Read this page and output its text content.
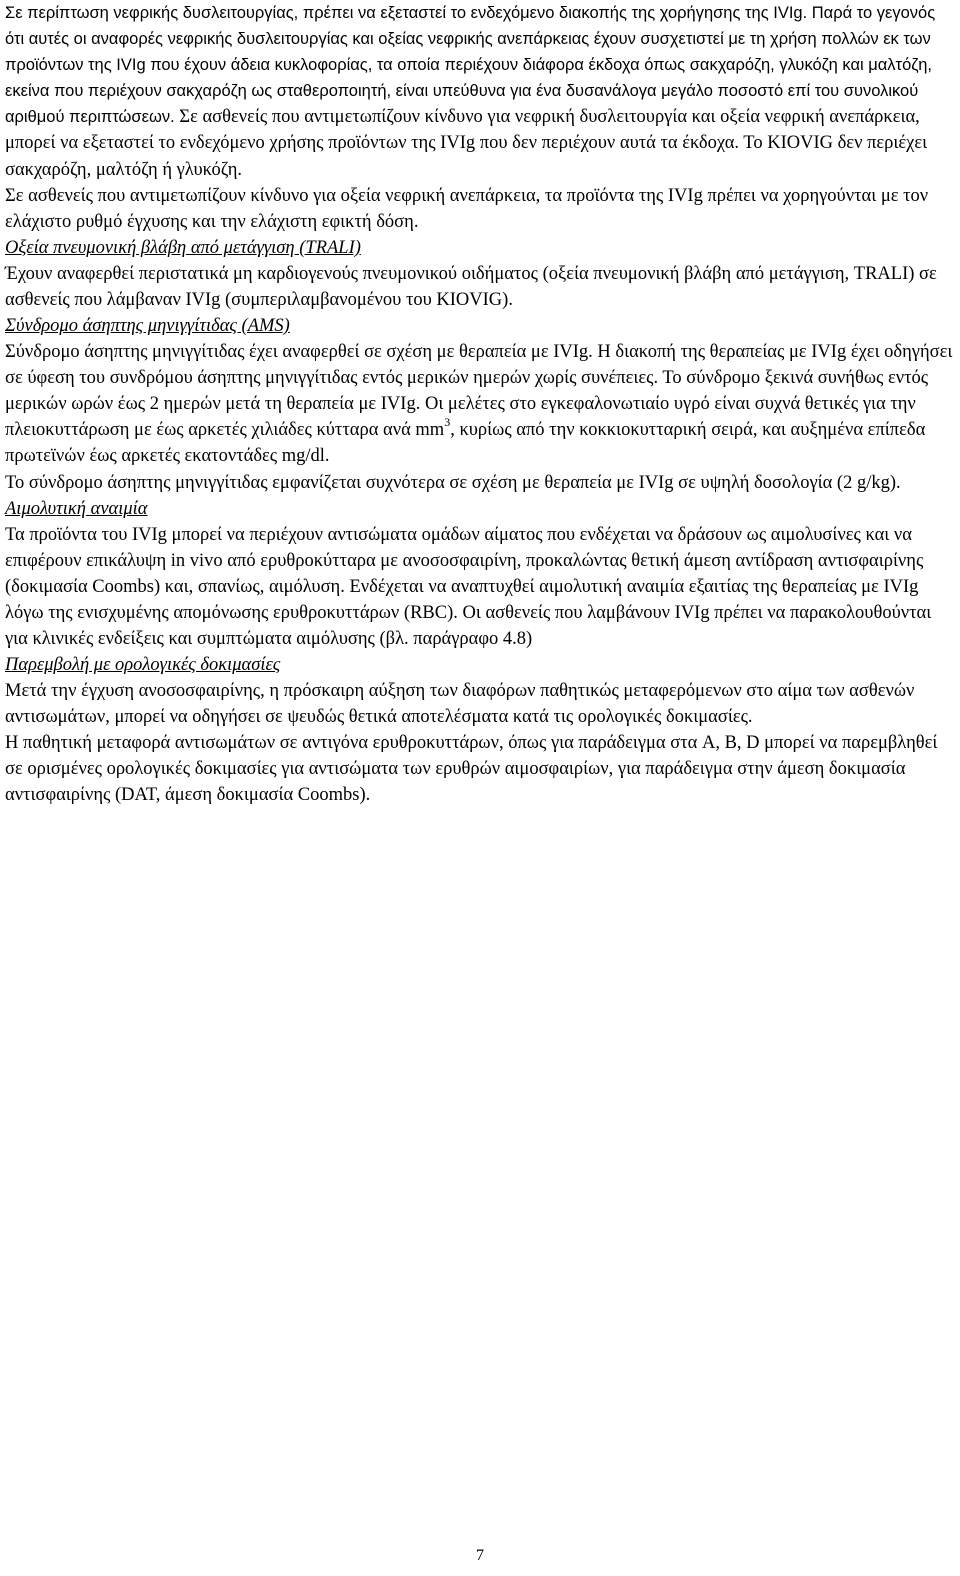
Σε περίπτωση νεφρικής δυσλειτουργίας, πρέπει να εξεταστεί το ενδεχόμενο διακοπής της χορήγησης της IVIg. Παρά το γεγονός ότι αυτές οι αναφορές νεφρικής δυσλειτουργίας και οξείας νεφρικής ανεπάρκειας έχουν συσχετιστεί με τη χρήση πολλών εκ των προϊόντων της IVIg που έχουν άδεια κυκλοφορίας, τα οποία περιέχουν διάφορα έκδοχα όπως σακχαρόζη, γλυκόζη και μαλτόζη, εκείνα που περιέχουν σακχαρόζη ως σταθεροποιητή, είναι υπεύθυνα για ένα δυσανάλογα μεγάλο ποσοστό επί του συνολικού αριθμού περιπτώσεων. Σε ασθενείς που αντιμετωπίζουν κίνδυνο για νεφρική δυσλειτουργία και οξεία νεφρική ανεπάρκεια, μπορεί να εξεταστεί το ενδεχόμενο χρήσης προϊόντων της IVIg που δεν περιέχουν αυτά τα έκδοχα. Το KIOVIG δεν περιέχει σακχαρόζη, μαλτόζη ή γλυκόζη.

Σε ασθενείς που αντιμετωπίζουν κίνδυνο για οξεία νεφρική ανεπάρκεια, τα προϊόντα της IVIg πρέπει να χορηγούνται με τον ελάχιστο ρυθμό έγχυσης και την ελάχιστη εφικτή δόση.

Οξεία πνευμονική βλάβη από μετάγγιση (TRALI)

Έχουν αναφερθεί περιστατικά μη καρδιογενούς πνευμονικού οιδήματος (οξεία πνευμονική βλάβη από μετάγγιση, TRALI) σε ασθενείς που λάμβαναν IVIg (συμπεριλαμβανομένου του KIOVIG).

Σύνδρομο άσηπτης μηνιγγίτιδας (AMS)

Σύνδρομο άσηπτης μηνιγγίτιδας έχει αναφερθεί σε σχέση με θεραπεία με IVIg. Η διακοπή της θεραπείας με IVIg έχει οδηγήσει σε ύφεση του συνδρόμου άσηπτης μηνιγγίτιδας εντός μερικών ημερών χωρίς συνέπειες. Το σύνδρομο ξεκινά συνήθως εντός μερικών ωρών έως 2 ημερών μετά τη θεραπεία με IVIg. Οι μελέτες στο εγκεφαλονωτιαίο υγρό είναι συχνά θετικές για την πλειοκυττάρωση με έως αρκετές χιλιάδες κύτταρα ανά $mm^3$, κυρίως από την κοκκιοκυτταρική σειρά, και αυξημένα επίπεδα πρωτεϊνών έως αρκετές εκατοντάδες mg/dl.

Το σύνδρομο άσηπτης μηνιγγίτιδας εμφανίζεται συχνότερα σε σχέση με θεραπεία με IVIg σε υψηλή δοσολογία (2 g/kg).

Αιμολυτική αναιμία

Τα προϊόντα του IVIg μπορεί να περιέχουν αντισώματα ομάδων αίματος που ενδέχεται να δράσουν ως αιμολυσίνες και να επιφέρουν επικάλυψη in vivo από ερυθροκύτταρα με ανοσοσφαιρίνη, προκαλώντας θετική άμεση αντίδραση αντισφαιρίνης (δοκιμασία Coombs) και, σπανίως, αιμόλυση. Ενδέχεται να αναπτυχθεί αιμολυτική αναιμία εξαιτίας της θεραπείας με IVIg λόγω της ενισχυμένης απομόνωσης ερυθροκυττάρων (RBC). Οι ασθενείς που λαμβάνουν IVIg πρέπει να παρακολουθούνται για κλινικές ενδείξεις και συμπτώματα αιμόλυσης (βλ. παράγραφο 4.8)

Παρεμβολή με ορολογικές δοκιμασίες

Μετά την έγχυση ανοσοσφαιρίνης, η πρόσκαιρη αύξηση των διαφόρων παθητικώς μεταφερόμενων στο αίμα των ασθενών αντισωμάτων, μπορεί να οδηγήσει σε ψευδώς θετικά αποτελέσματα κατά τις ορολογικές δοκιμασίες.

Η παθητική μεταφορά αντισωμάτων σε αντιγόνα ερυθροκυττάρων, όπως για παράδειγμα στα A, B, D μπορεί να παρεμβληθεί σε ορισμένες ορολογικές δοκιμασίες για αντισώματα των ερυθρών αιμοσφαιρίων, για παράδειγμα στην άμεση δοκιμασία αντισφαιρίνης (DAT, άμεση δοκιμασία Coombs).

7
